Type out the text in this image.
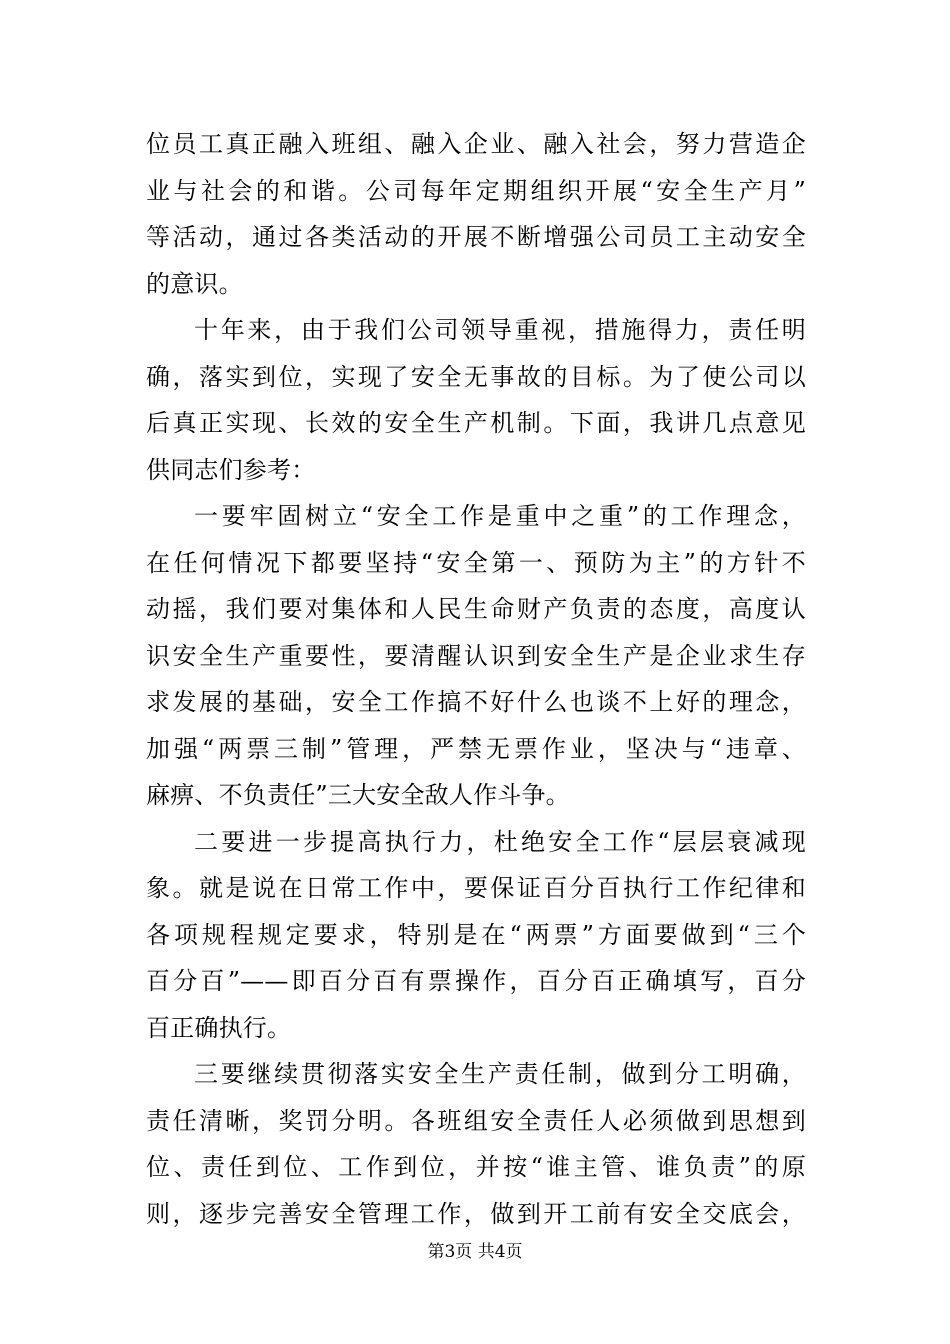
位员工真正融入班组、融入企业、融入社会，努力营造企
业与社会的和谐。公司每年定期组织开展“安全生产月”
等活动，通过各类活动的开展不断增强公司员工主动安全
的意识。
十年来，由于我们公司领导重视，措施得力，责任明
确，落实到位，实现了安全无事故的目标。为了使公司以
后真正实现、长效的安全生产机制。下面，我讲几点意见
供同志们参考：
一要牢固树立“安全工作是重中之重”的工作理念，
在任何情况下都要坚持“安全第一、预防为主”的方针不
动摇，我们要对集体和人民生命财产负责的态度，高度认
识安全生产重要性，要清醒认识到安全生产是企业求生存
求发展的基础，安全工作搞不好什么也谈不上好的理念，
加强“两票三制”管理，严禁无票作业，坚决与“违章、
麻痹、不负责任”三大安全敌人作斗争。
二要进一步提高执行力，杜绝安全工作“层层衰减现
象。就是说在日常工作中，要保证百分百执行工作纪律和
各项规程规定要求，特别是在“两票”方面要做到“三个
百分百”——即百分百有票操作，百分百正确填写，百分
百正确执行。
三要继续贯彻落实安全生产责任制，做到分工明确，
责任清晰，奖罚分明。各班组安全责任人必须做到思想到
位、责任到位、工作到位，并按“谁主管、谁负责”的原
则，逐步完善安全管理工作，做到开工前有安全交底会，
第3页 共4页
